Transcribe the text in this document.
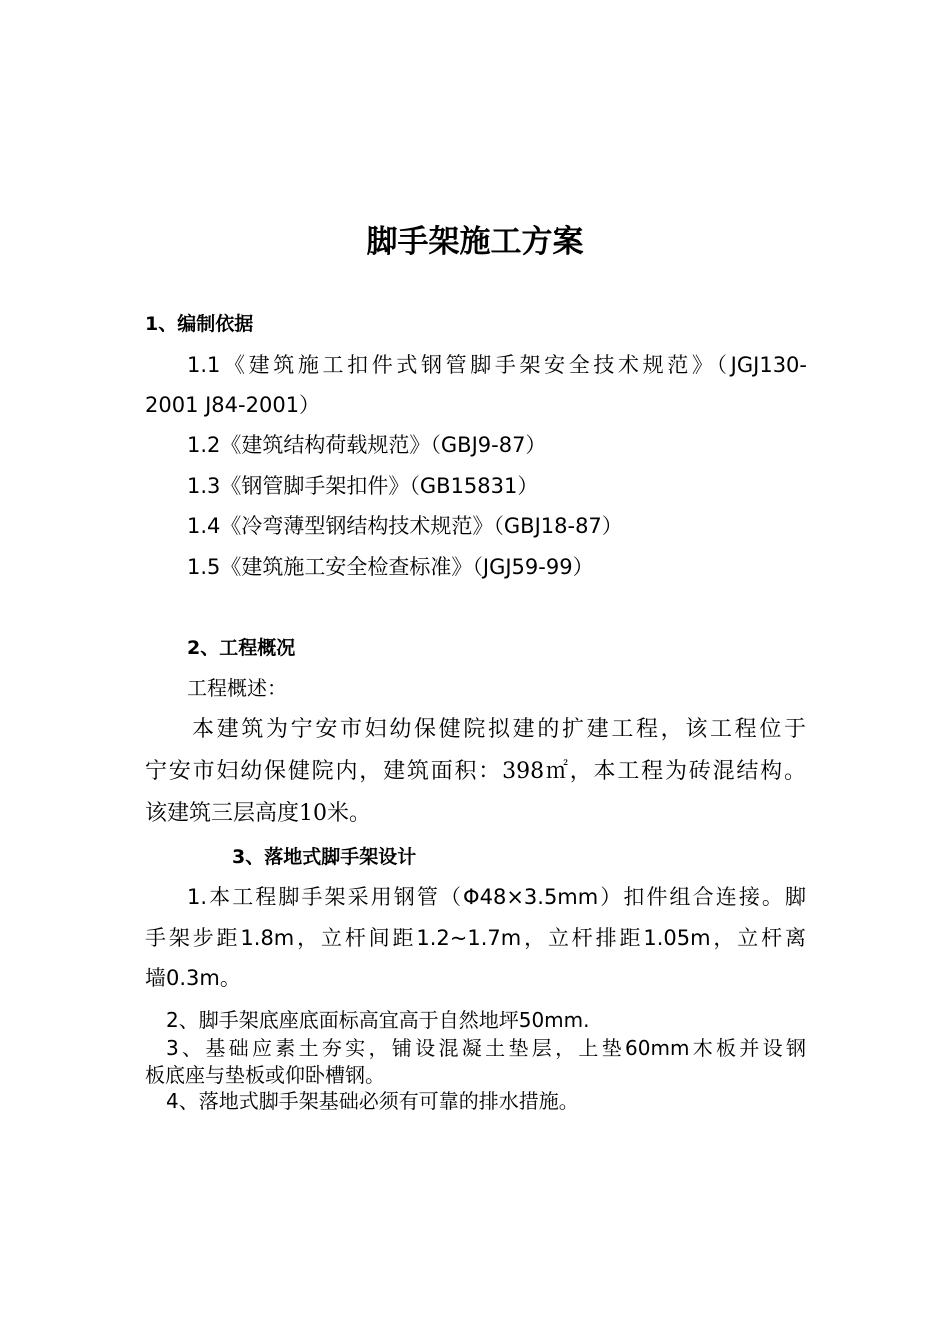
脚手架施工方案
1、编制依据
1.1《建筑施工扣件式钢管脚手架安全技术规范》（JGJ130-
2001 J84-2001）
1.2《建筑结构荷载规范》（GBJ9-87）
1.3《钢管脚手架扣件》（GB15831）
1.4《冷弯薄型钢结构技术规范》（GBJ18-87）
1.5《建筑施工安全检查标准》（JGJ59-99）
2、工程概况
工程概述：
本建筑为宁安市妇幼保健院拟建的扩建工程，该工程位于
宁安市妇幼保健院内，建筑面积：398㎡，本工程为砖混结构。
该建筑三层高度10米。
3、落地式脚手架设计
1.本工程脚手架采用钢管（Φ48×3.5mm）扣件组合连接。脚
手架步距1.8m，立杆间距1.2~1.7m，立杆排距1.05m，立杆离
墙0.3m。
2、脚手架底座底面标高宜高于自然地坪50mm.
3、基础应素土夯实，铺设混凝土垫层，上垫60mm木板并设钢
板底座与垫板或仰卧槽钢。
4、落地式脚手架基础必须有可靠的排水措施。
